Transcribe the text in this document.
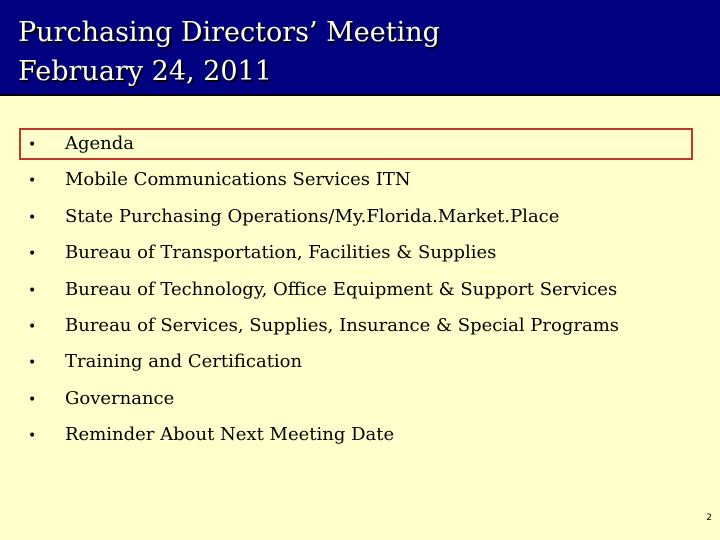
Purchasing Directors’ Meeting
February 24, 2011
• Agenda
• Mobile Communications Services ITN
• State Purchasing Operations/My.Florida.Market.Place
• Bureau of Transportation, Facilities & Supplies
• Bureau of Technology, Office Equipment & Support Services
• Bureau of Services, Supplies, Insurance & Special Programs
• Training and Certification
• Governance
• Reminder About Next Meeting Date
2
